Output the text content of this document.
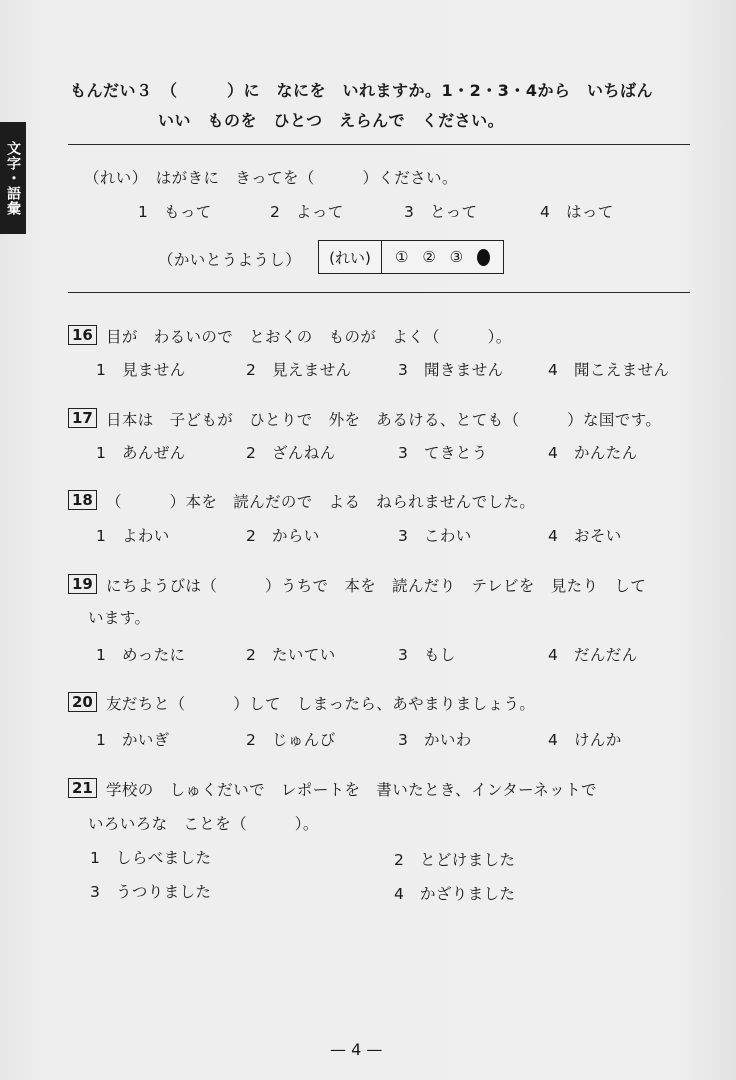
文字・語彙
もんだい３　（　　　）に　なにを　いれますか。1・2・3・4から　いちばん
いい　ものを　ひとつ　えらんで　ください。
（れい）　はがきに　きってを（　　　）ください。
1 もって	2 よって	3 とって	4 はって
（かいとうようし）	(れい)	① ② ③
16 目が　わるいので　とおくの　ものが　よく（　　　）。
1 見ません	2 見えません	3 聞きません	4 聞こえません
17 日本は　子どもが　ひとりで　外を　あるける、とても（　　　）な国です。
1 あんぜん	2 ざんねん	3 てきとう	4 かんたん
18 （　　　）本を　読んだので　よる　ねられませんでした。
1 よわい	2 からい	3 こわい	4 おそい
19 にちようびは（　　　）うちで　本を　読んだり　テレビを　見たり　して
います。
1 めったに	2 たいてい	3 もし	4 だんだん
20 友だちと（　　　）して　しまったら、あやまりましょう。
1 かいぎ	2 じゅんび	3 かいわ	4 けんか
21 学校の　しゅくだいで　レポートを　書いたとき、インターネットで
いろいろな　ことを（　　　）。
1 しらべました	2 とどけました
3 うつりました	4 かざりました
— 4 —
